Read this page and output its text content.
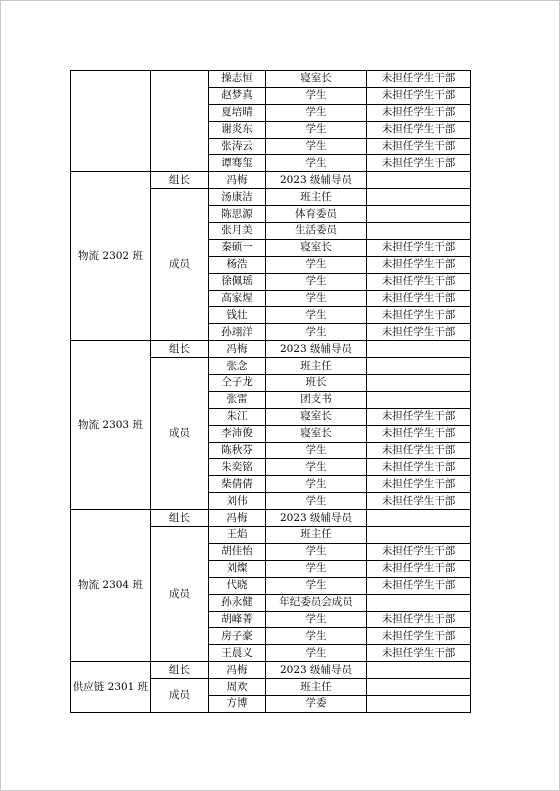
		操志恒	寝室长	未担任学生干部
		赵梦真	学生	未担任学生干部
		夏培晴	学生	未担任学生干部
		谢炎东	学生	未担任学生干部
		张涛云	学生	未担任学生干部
		谭骞玺	学生	未担任学生干部
物流 2302 班	组长	冯梅	2023 级辅导员	
	成员	汤康洁	班主任	
		陈思源	体育委员	
		张月美	生活委员	
		秦硕一	寝室长	未担任学生干部
		杨浩	学生	未担任学生干部
		徐佩瑶	学生	未担任学生干部
		高家煋	学生	未担任学生干部
		钱壮	学生	未担任学生干部
		孙翊洋	学生	未担任学生干部
物流 2303 班	组长	冯梅	2023 级辅导员	
	成员	张念	班主任	
		仝子龙	班长	
		张雷	团支书	
		朱江	寝室长	未担任学生干部
		李沛俊	寝室长	未担任学生干部
		陈秋芬	学生	未担任学生干部
		朱奕铭	学生	未担任学生干部
		柴倩倩	学生	未担任学生干部
		刘伟	学生	未担任学生干部
物流 2304 班	组长	冯梅	2023 级辅导员	
	成员	王焰	班主任	
		胡佳怡	学生	未担任学生干部
		刘燦	学生	未担任学生干部
		代晓	学生	未担任学生干部
		孙永健	年纪委员会成员	
		胡峰菁	学生	未担任学生干部
		房子豪	学生	未担任学生干部
		王晨义	学生	未担任学生干部
供应链 2301 班	组长	冯梅	2023 级辅导员	
	成员	周欢	班主任	
		方博	学委	
